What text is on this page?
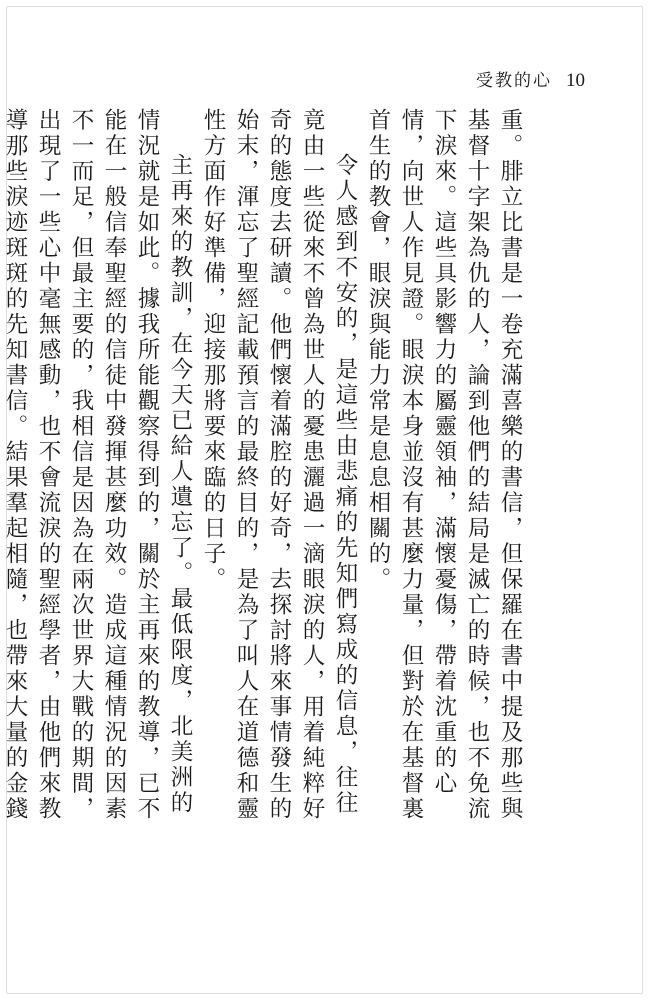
受教的心 10

重。腓立比書是一卷充滿喜樂的書信，但保羅在書中提及那些與基督十字架為仇的人，論到他們的結局是滅亡的時候，也不免流下淚來。這些具影響力的屬靈領袖，滿懷憂傷，帶着沈重的心情，向世人作見證。眼淚本身並沒有甚麼力量，但對於在基督裏首生的教會，眼淚與能力常是息息相關的。

令人感到不安的，是這些由悲痛的先知們寫成的信息，往往竟由一些從來不曾為世人的憂患灑過一滴眼淚的人，用着純粹好奇的態度去研讀。他們懷着滿腔的好奇，去探討將來事情發生的始末，渾忘了聖經記載預言的最終目的，是為了叫人在道德和靈性方面作好準備，迎接那將要來臨的日子。

主再來的教訓，在今天已給人遺忘了。最低限度，北美洲的情況就是如此。據我所能觀察得到的，關於主再來的教導，已不能在一般信奉聖經的信徒中發揮甚麼功效。造成這種情況的因素不一而足，但最主要的，我相信是因為在兩次世界大戰的期間，出現了一些心中毫無感動，也不會流淚的聖經學者，由他們來教導那些淚迹斑斑的先知書信。結果羣起相隨，也帶來大量的金錢
